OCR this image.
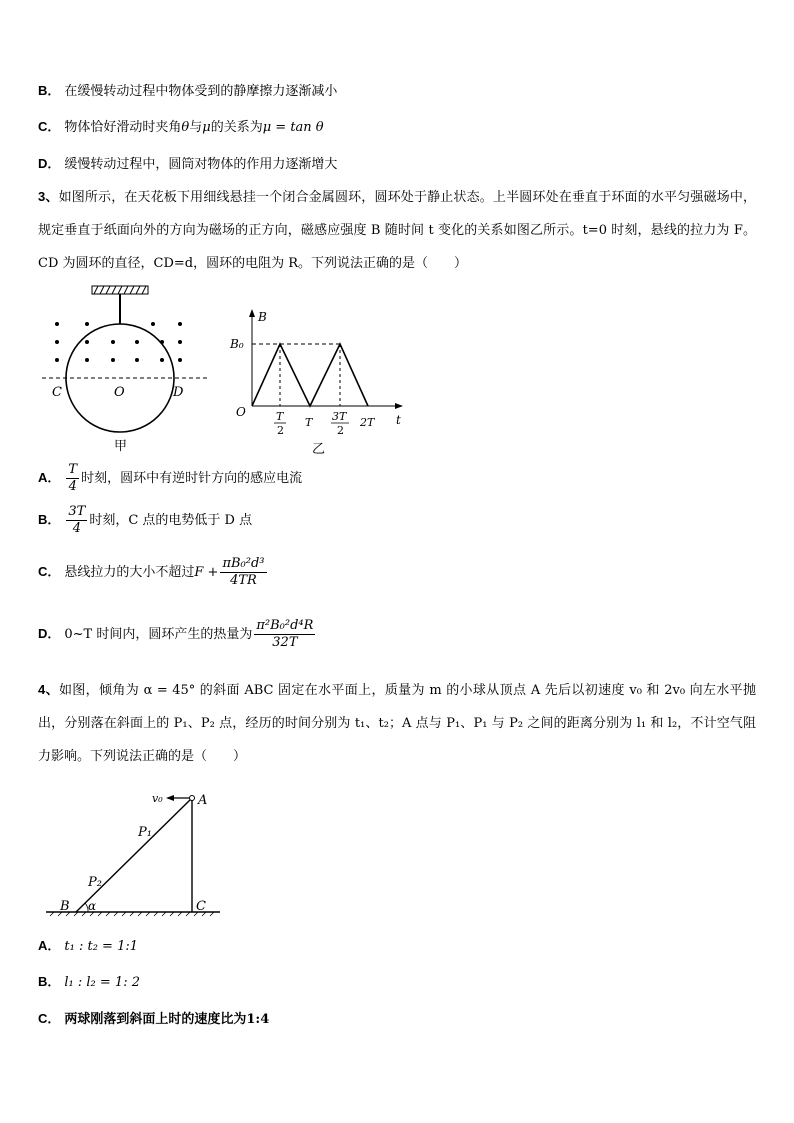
B． 在缓慢转动过程中物体受到的静摩擦力逐渐减小
C． 物体恰好滑动时夹角θ与μ的关系为μ = tan θ
D． 缓慢转动过程中，圆筒对物体的作用力逐渐增大
3、如图所示，在天花板下用细线悬挂一个闭合金属圆环，圆环处于静止状态。上半圆环处在垂直于环面的水平匀强磁场中，规定垂直于纸面向外的方向为磁场的正方向，磁感应强度 B 随时间 t 变化的关系如图乙所示。t=0 时刻，悬线的拉力为 F。CD 为圆环的直径，CD=d，圆环的电阻为 R。下列说法正确的是（　　）
C	O	D
甲
B
t
B₀
O	T
2
T 3T
2
2T
乙
A． $\frac{T}{4}$ 时刻，圆环中有逆时针方向的感应电流
B． $\frac{3T}{4}$ 时刻，C 点的电势低于 D 点
C． 悬线拉力的大小不超过$F + \frac{\text{πB₀²d³}}{4TR}$
D． 0~T 时间内，圆环产生的热量为 $\frac{\text{π²B₀²d⁴R}}{32T}$
4、如图，倾角为 α = 45° 的斜面 ABC 固定在水平面上，质量为 m 的小球从顶点 A 先后以初速度 v₀ 和 2v₀ 向左水平抛出，分别落在斜面上的 P₁、P₂ 点，经历的时间分别为 t₁、t₂；A 点与 P₁、P₁ 与 P₂ 之间的距离分别为 l₁ 和 l₂，不计空气阻力影响。下列说法正确的是（　　）
v₀	A
P₁
P₂
B α	C
A． t₁ : t₂ = 1:1
B． l₁ : l₂ = 1: 2
C． 两球刚落到斜面上时的速度比为1:4
